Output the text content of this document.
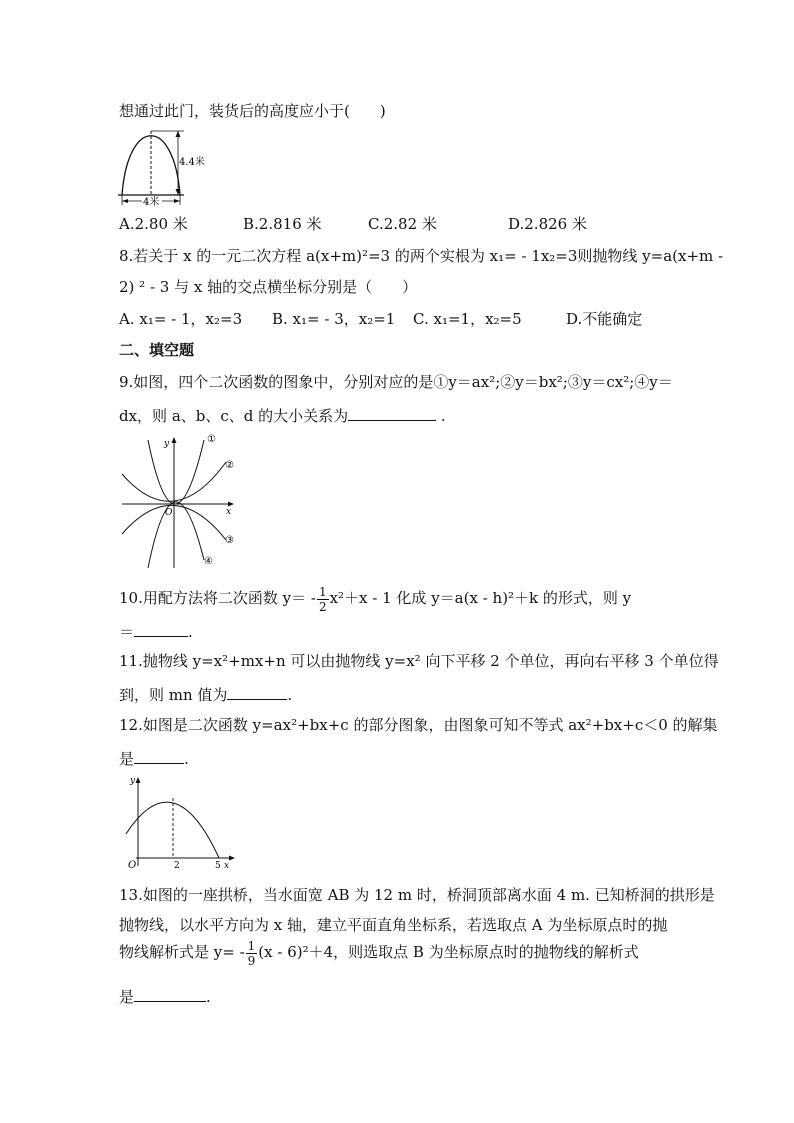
想通过此门，装货后的高度应小于(　　)
4.4米
4米
A.2.80 米	B.2.816 米	C.2.82 米	D.2.826 米
8.若关于 x 的一元二次方程 a(x+m)²=3 的两个实根为 x₁= - 1x₂=3则抛物线 y=a(x+m -
2) ² - 3 与 x 轴的交点横坐标分别是（　　）
A. x₁= - 1，x₂=3 B. x₁= - 3，x₂=1 C. x₁=1，x₂=5	D.不能确定
二、填空题
9.如图，四个二次函数的图象中，分别对应的是①y＝ax²;②y＝bx²;③y＝cx²;④y＝
dx，则 a、b、c、d 的大小关系为	.
y
x
O
①
②
③
④
10.用配方法将二次函数 $y= - \frac{1}{2} x^2+x - 1$ 化成 y＝a(x - h)²＋k 的形式，则 y
＝	.
11.抛物线 y=x²+mx+n 可以由抛物线 y=x² 向下平移 2 个单位，再向右平移 3 个单位得
到，则 mn 值为	.
12.如图是二次函数 y=ax²+bx+c 的部分图象，由图象可知不等式 ax²+bx+c＜0 的解集
是	.
y
x
O	2	5
13.如图的一座拱桥，当水面宽 AB 为 12 m 时，桥洞顶部离水面 4 m. 已知桥洞的拱形是
抛物线，以水平方向为 x 轴，建立平面直角坐标系，若选取点 A 为坐标原点时的抛
物线解析式是 $y= - \frac{1}{9} (x - 6)^2+4$，则选取点 B 为坐标原点时的抛物线的解析式
是	.
